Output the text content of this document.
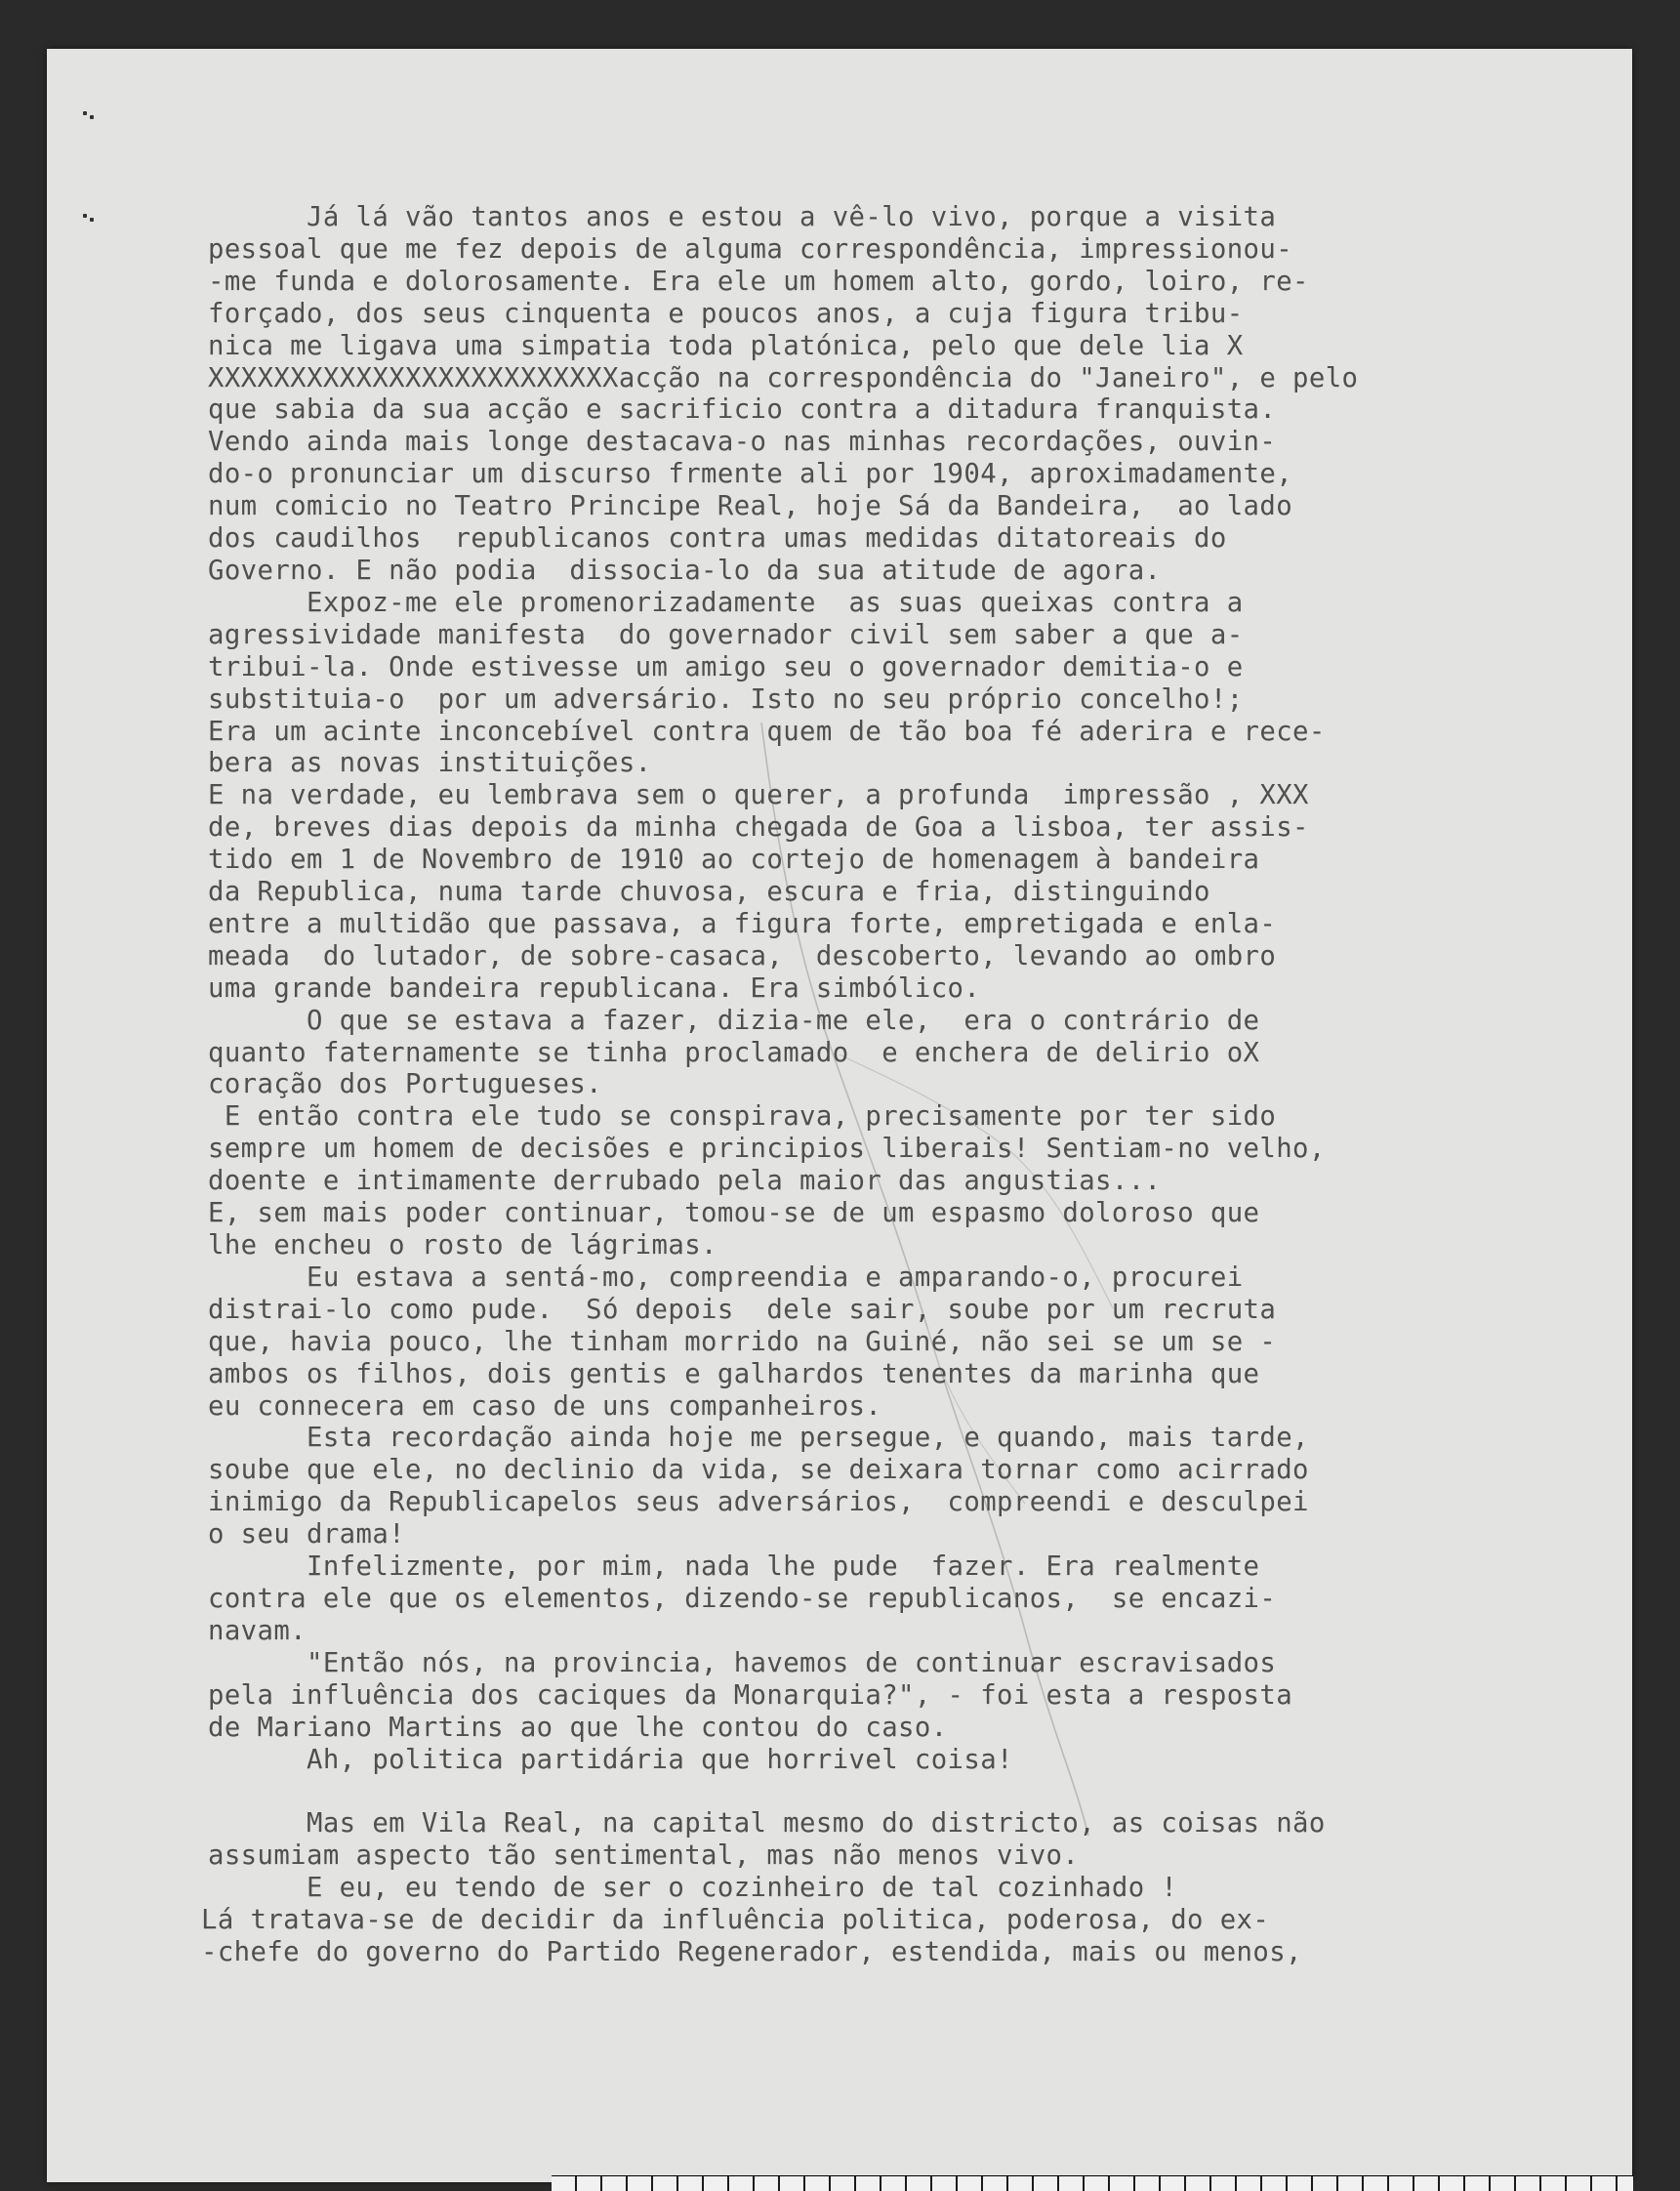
Já lá vão tantos anos e estou a vê-lo vivo, porque a visita

pessoal que me fez depois de alguma correspondência, impressionou-

-me funda e dolorosamente. Era ele um homem alto, gordo, loiro, re-

forçado, dos seus cinquenta e poucos anos, a cuja figura tribu-

nica me ligava uma simpatia toda platónica, pelo que dele lia X

XXXXXXXXXXXXXXXXXXXXXXXXXacção na correspondência do "Janeiro", e pelo

que sabia da sua acção e sacrificio contra a ditadura franquista.

Vendo ainda mais longe destacava-o nas minhas recordações, ouvin-

do-o pronunciar um discurso frmente ali por 1904, aproximadamente,

num comicio no Teatro Principe Real, hoje Sá da Bandeira,  ao lado

dos caudilhos  republicanos contra umas medidas ditatoreais do

Governo. E não podia  dissocia-lo da sua atitude de agora.

Expoz-me ele promenorizadamente  as suas queixas contra a

agressividade manifesta  do governador civil sem saber a que a-

tribui-la. Onde estivesse um amigo seu o governador demitia-o e

substituia-o  por um adversário. Isto no seu próprio concelho!;

Era um acinte inconcebível contra quem de tão boa fé aderira e rece-

bera as novas instituições.

E na verdade, eu lembrava sem o querer, a profunda  impressão , XXX

de, breves dias depois da minha chegada de Goa a lisboa, ter assis-

tido em 1 de Novembro de 1910 ao cortejo de homenagem à bandeira

da Republica, numa tarde chuvosa, escura e fria, distinguindo

entre a multidão que passava, a figura forte, empretigada e enla-

meada  do lutador, de sobre-casaca,  descoberto, levando ao ombro

uma grande bandeira republicana. Era simbólico.

O que se estava a fazer, dizia-me ele,  era o contrário de

quanto faternamente se tinha proclamado  e enchera de delirio oX

coração dos Portugueses.

E então contra ele tudo se conspirava, precisamente por ter sido

sempre um homem de decisões e principios liberais! Sentiam-no velho,

doente e intimamente derrubado pela maior das angustias...

E, sem mais poder continuar, tomou-se de um espasmo doloroso que

lhe encheu o rosto de lágrimas.

Eu estava a sentá-mo, compreendia e amparando-o, procurei

distrai-lo como pude.  Só depois  dele sair, soube por um recruta

que, havia pouco, lhe tinham morrido na Guiné, não sei se um se -

ambos os filhos, dois gentis e galhardos tenentes da marinha que

eu connecera em caso de uns companheiros.

Esta recordação ainda hoje me persegue, e quando, mais tarde,

soube que ele, no declinio da vida, se deixara tornar como acirrado

inimigo da Republicapelos seus adversários,  compreendi e desculpei

o seu drama!

Infelizmente, por mim, nada lhe pude  fazer. Era realmente

contra ele que os elementos, dizendo-se republicanos,  se encazi-

navam.

"Então nós, na provincia, havemos de continuar escravisados

pela influência dos caciques da Monarquia?", - foi esta a resposta

de Mariano Martins ao que lhe contou do caso.

Ah, politica partidária que horrivel coisa!

Mas em Vila Real, na capital mesmo do districto, as coisas não

assumiam aspecto tão sentimental, mas não menos vivo.

E eu, eu tendo de ser o cozinheiro de tal cozinhado !

Lá tratava-se de decidir da influência politica, poderosa, do ex-

-chefe do governo do Partido Regenerador, estendida, mais ou menos,
